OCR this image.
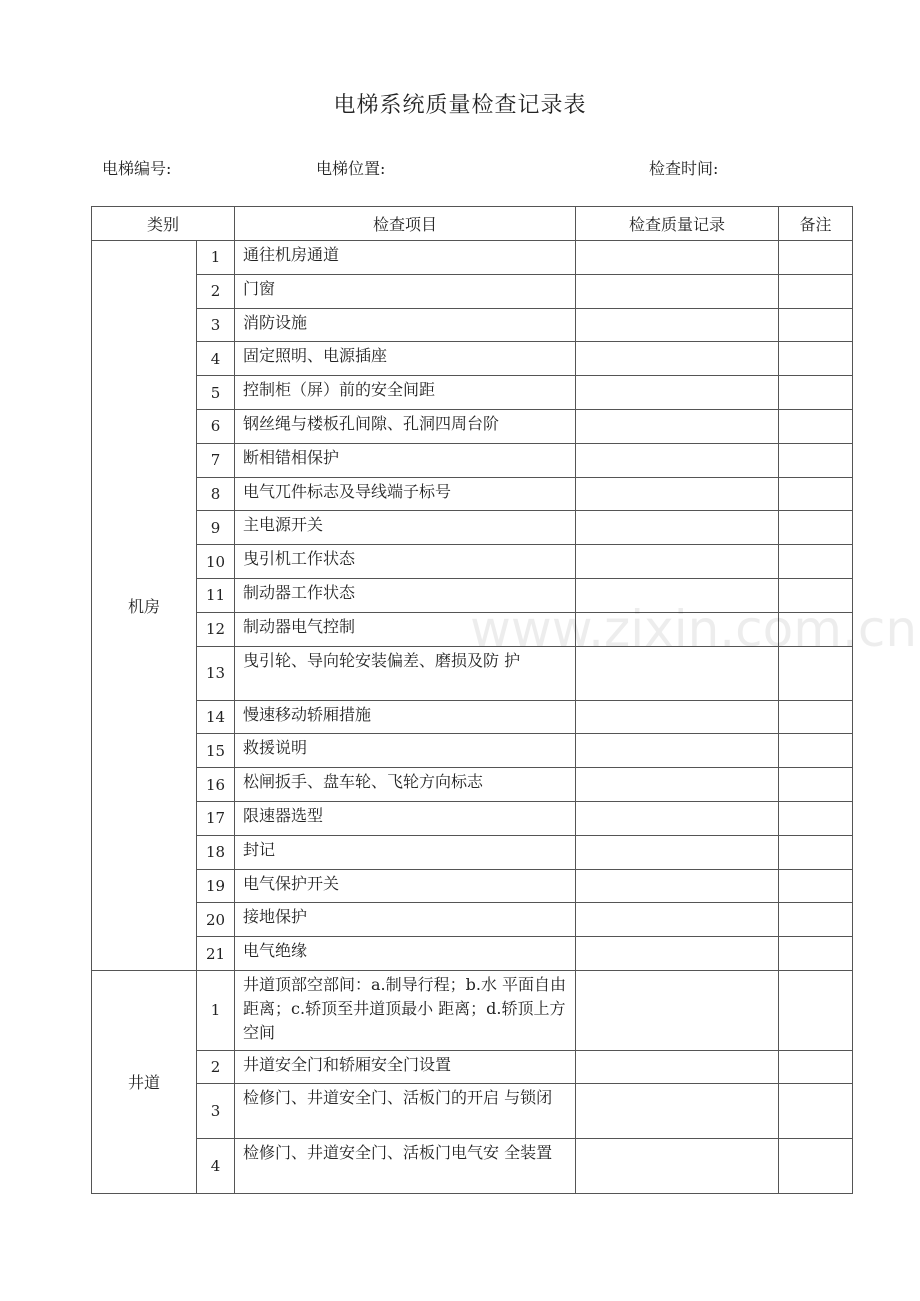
电梯系统质量检查记录表
电梯编号:	电梯位置:	检查时间:
类别		检查项目	检查质量记录	备注
机房	1	通往机房通道		
	2	门窗		
	3	消防设施		
	4	固定照明、电源插座		
	5	控制柜（屏）前的安全间距		
	6	钢丝绳与楼板孔间隙、孔洞四周台阶		
	7	断相错相保护		
	8	电气兀件标志及导线端子标号		
	9	主电源开关		
	10	曳引机工作状态		
	11	制动器工作状态		
	12	制动器电气控制		
	13	曳引轮、导向轮安装偏差、磨损及防 护		
	14	慢速移动轿厢措施		
	15	救援说明		
	16	松闸扳手、盘车轮、飞轮方向标志		
	17	限速器选型		
	18	封记		
	19	电气保护开关		
	20	接地保护		
	21	电气绝缘		
井道	1	井道顶部空部间：a.制导行程；b.水 平面自由距离；c.轿顶至井道顶最小 距离；d.轿顶上方空间		
	2	井道安全门和轿厢安全门设置		
	3	检修门、井道安全门、活板门的开启 与锁闭		
	4	检修门、井道安全门、活板门电气安 全装置		
www.zixin.com.cn
